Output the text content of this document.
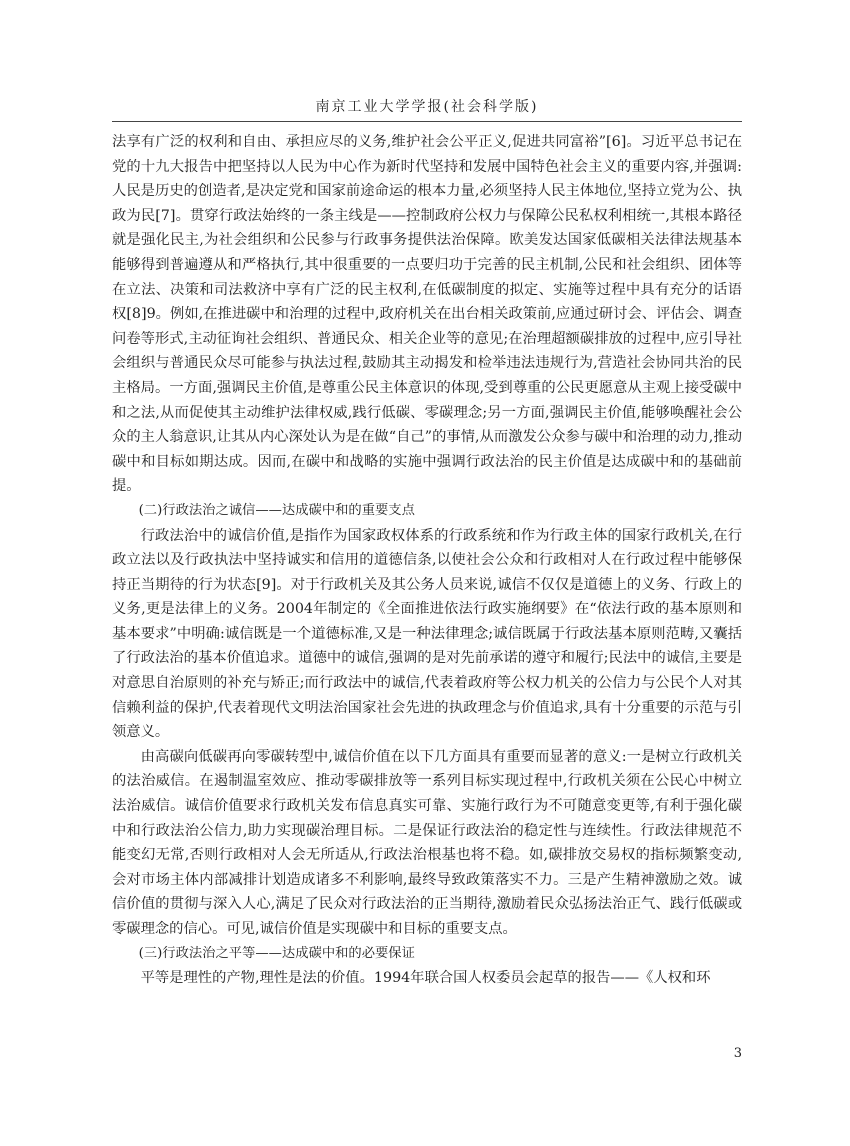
南京工业大学学报(社会科学版)

法享有广泛的权利和自由、承担应尽的义务,维护社会公平正义,促进共同富裕”[6]。习近平总书记在党的十九大报告中把坚持以人民为中心作为新时代坚持和发展中国特色社会主义的重要内容,并强调:人民是历史的创造者,是决定党和国家前途命运的根本力量,必须坚持人民主体地位,坚持立党为公、执政为民[7]。贯穿行政法始终的一条主线是——控制政府公权力与保障公民私权利相统一,其根本路径就是强化民主,为社会组织和公民参与行政事务提供法治保障。欧美发达国家低碳相关法律法规基本能够得到普遍遵从和严格执行,其中很重要的一点要归功于完善的民主机制,公民和社会组织、团体等在立法、决策和司法救济中享有广泛的民主权利,在低碳制度的拟定、实施等过程中具有充分的话语权[8]9。例如,在推进碳中和治理的过程中,政府机关在出台相关政策前,应通过研讨会、评估会、调查问卷等形式,主动征询社会组织、普通民众、相关企业等的意见;在治理超额碳排放的过程中,应引导社会组织与普通民众尽可能参与执法过程,鼓励其主动揭发和检举违法违规行为,营造社会协同共治的民主格局。一方面,强调民主价值,是尊重公民主体意识的体现,受到尊重的公民更愿意从主观上接受碳中和之法,从而促使其主动维护法律权威,践行低碳、零碳理念;另一方面,强调民主价值,能够唤醒社会公众的主人翁意识,让其从内心深处认为是在做“自己”的事情,从而激发公众参与碳中和治理的动力,推动碳中和目标如期达成。因而,在碳中和战略的实施中强调行政法治的民主价值是达成碳中和的基础前提。

(二)行政法治之诚信——达成碳中和的重要支点

行政法治中的诚信价值,是指作为国家政权体系的行政系统和作为行政主体的国家行政机关,在行政立法以及行政执法中坚持诚实和信用的道德信条,以使社会公众和行政相对人在行政过程中能够保持正当期待的行为状态[9]。对于行政机关及其公务人员来说,诚信不仅仅是道德上的义务、行政上的义务,更是法律上的义务。2004年制定的《全面推进依法行政实施纲要》在“依法行政的基本原则和基本要求”中明确:诚信既是一个道德标准,又是一种法律理念;诚信既属于行政法基本原则范畴,又囊括了行政法治的基本价值追求。道德中的诚信,强调的是对先前承诺的遵守和履行;民法中的诚信,主要是对意思自治原则的补充与矫正;而行政法中的诚信,代表着政府等公权力机关的公信力与公民个人对其信赖利益的保护,代表着现代文明法治国家社会先进的执政理念与价值追求,具有十分重要的示范与引领意义。

由高碳向低碳再向零碳转型中,诚信价值在以下几方面具有重要而显著的意义:一是树立行政机关的法治威信。在遏制温室效应、推动零碳排放等一系列目标实现过程中,行政机关须在公民心中树立法治威信。诚信价值要求行政机关发布信息真实可靠、实施行政行为不可随意变更等,有利于强化碳中和行政法治公信力,助力实现碳治理目标。二是保证行政法治的稳定性与连续性。行政法律规范不能变幻无常,否则行政相对人会无所适从,行政法治根基也将不稳。如,碳排放交易权的指标频繁变动,会对市场主体内部减排计划造成诸多不利影响,最终导致政策落实不力。三是产生精神激励之效。诚信价值的贯彻与深入人心,满足了民众对行政法治的正当期待,激励着民众弘扬法治正气、践行低碳或零碳理念的信心。可见,诚信价值是实现碳中和目标的重要支点。

(三)行政法治之平等——达成碳中和的必要保证

平等是理性的产物,理性是法的价值。1994年联合国人权委员会起草的报告——《人权和环

3
